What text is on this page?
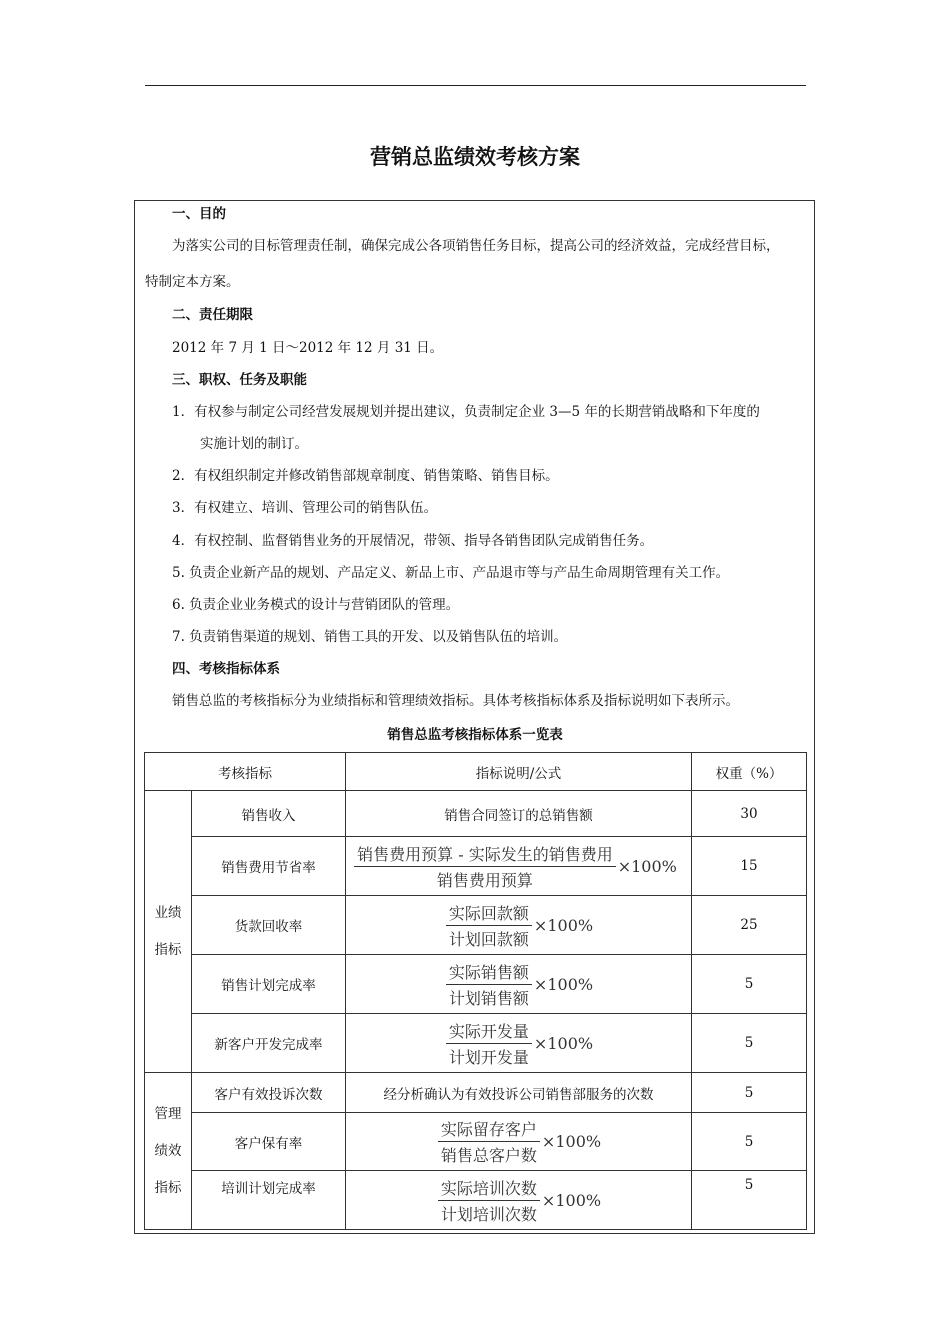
营销总监绩效考核方案
一、目的
为落实公司的目标管理责任制，确保完成公各项销售任务目标，提高公司的经济效益，完成经营目标，
特制定本方案。
二、责任期限
2012 年 7 月 1 日～2012 年 12 月 31 日。
三、职权、任务及职能
1．有权参与制定公司经营发展规划并提出建议，负责制定企业 3—5 年的长期营销战略和下年度的
实施计划的制订。
2．有权组织制定并修改销售部规章制度、销售策略、销售目标。
3．有权建立、培训、管理公司的销售队伍。
4．有权控制、监督销售业务的开展情况，带领、指导各销售团队完成销售任务。
5. 负责企业新产品的规划、产品定义、新品上市、产品退市等与产品生命周期管理有关工作。
6. 负责企业业务模式的设计与营销团队的管理。
7. 负责销售渠道的规划、销售工具的开发、以及销售队伍的培训。
四、考核指标体系
销售总监的考核指标分为业绩指标和管理绩效指标。具体考核指标体系及指标说明如下表所示。
销售总监考核指标体系一览表
考核指标		指标说明/公式	权重（%）
业绩
指标	销售收入	销售合同签订的总销售额	30
	销售费用节省率	$\frac{\text{销售费用预算 - 实际发生的销售费用}}{\text{销售费用预算}} \times 100\%$	15
	货款回收率	$\frac{\text{实际回款额}}{\text{计划回款额}} \times 100\%$	25
	销售计划完成率	$\frac{\text{实际销售额}}{\text{计划销售额}} \times 100\%$	5
	新客户开发完成率	$\frac{\text{实际开发量}}{\text{计划开发量}} \times 100\%$	5
管理
绩效
指标	客户有效投诉次数	经分析确认为有效投诉公司销售部服务的次数	5
	客户保有率	$\frac{\text{实际留存客户}}{\text{销售总客户数}} \times 100\%$	5
	培训计划完成率	$\frac{\text{实际培训次数}}{\text{计划培训次数}} \times 100\%$	5
